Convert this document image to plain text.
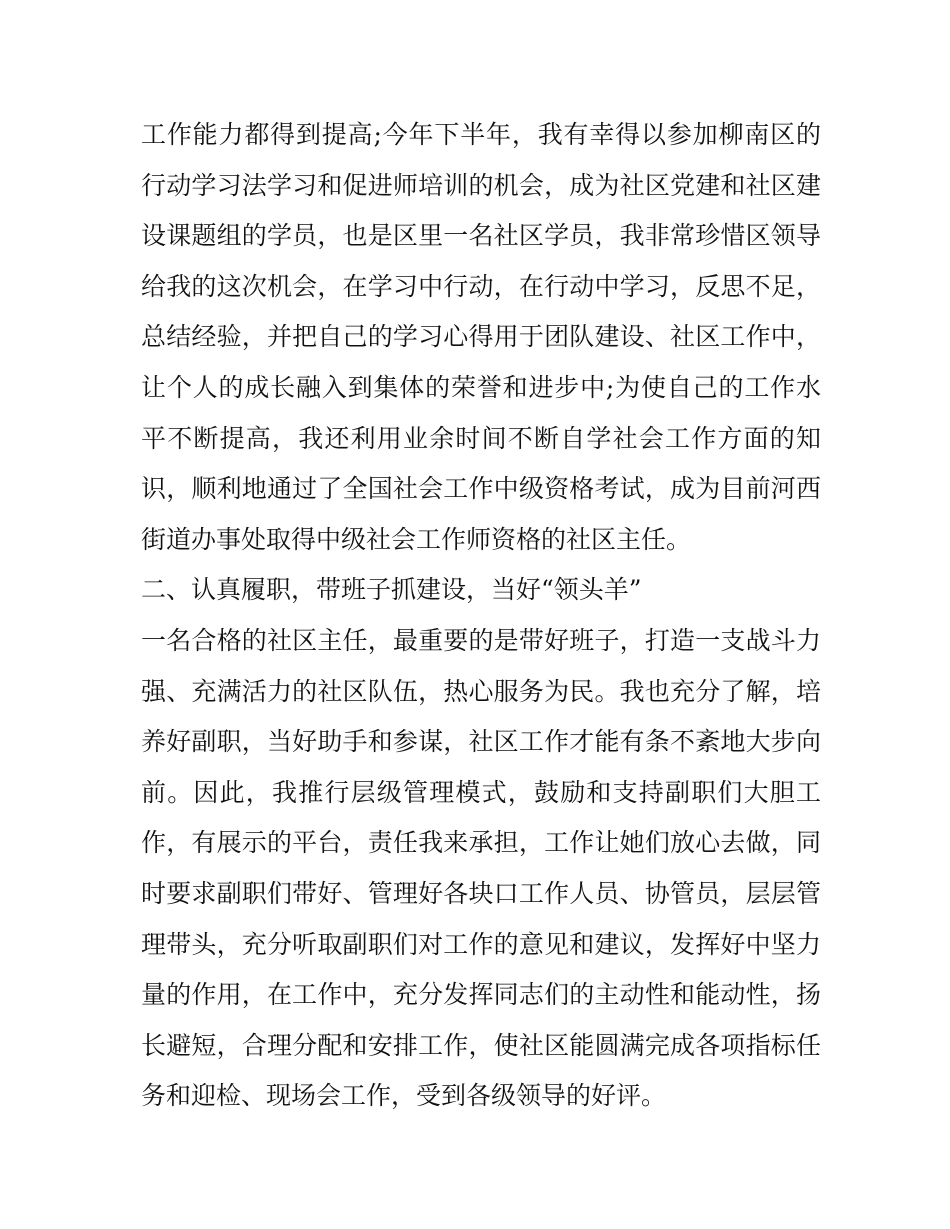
工作能力都得到提高;今年下半年，我有幸得以参加柳南区的
行动学习法学习和促进师培训的机会，成为社区党建和社区建
设课题组的学员，也是区里一名社区学员，我非常珍惜区领导
给我的这次机会，在学习中行动，在行动中学习，反思不足，
总结经验，并把自己的学习心得用于团队建设、社区工作中，
让个人的成长融入到集体的荣誉和进步中;为使自己的工作水
平不断提高，我还利用业余时间不断自学社会工作方面的知
识，顺利地通过了全国社会工作中级资格考试，成为目前河西
街道办事处取得中级社会工作师资格的社区主任。
二、认真履职，带班子抓建设，当好“领头羊”
一名合格的社区主任，最重要的是带好班子，打造一支战斗力
强、充满活力的社区队伍，热心服务为民。我也充分了解，培
养好副职，当好助手和参谋，社区工作才能有条不紊地大步向
前。因此，我推行层级管理模式，鼓励和支持副职们大胆工
作，有展示的平台，责任我来承担，工作让她们放心去做，同
时要求副职们带好、管理好各块口工作人员、协管员，层层管
理带头，充分听取副职们对工作的意见和建议，发挥好中坚力
量的作用，在工作中，充分发挥同志们的主动性和能动性，扬
长避短，合理分配和安排工作，使社区能圆满完成各项指标任
务和迎检、现场会工作，受到各级领导的好评。
